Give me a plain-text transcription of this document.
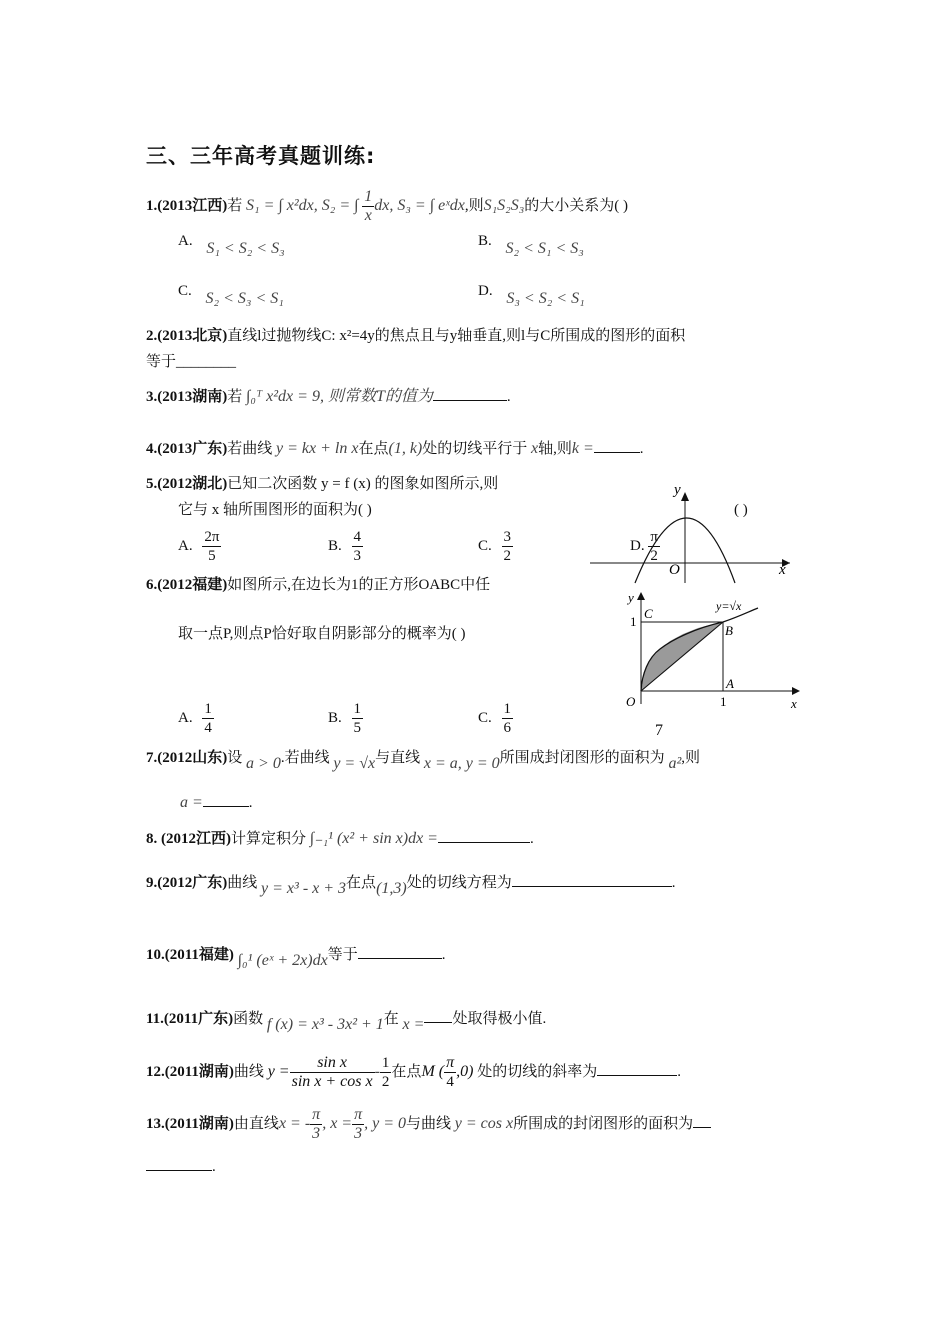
三、三年高考真题训练:
1.(2013江西)若 S₁ = ∫ x²dx, S₂ = ∫ $\frac{1}{x}$ dx, S₃ = ∫ eˣdx,则S₁S₂S₃的大小关系为( )
A. S₁ < S₂ < S₃	B. S₂ < S₁ < S₃
C. S₂ < S₃ < S₁	D. S₃ < S₂ < S₁
2.(2013北京)直线l过抛物线C: x²=4y的焦点且与y轴垂直,则l与C所围成的图形的面积
等于________
3.(2013湖南)若 ∫₀ᵀ x²dx = 9, 则常数T的值为	.
4.(2013广东)若曲线 y = kx + ln x在点(1, k)处的切线平行于 x轴,则k =	.
5.(2012湖北)已知二次函数 y = f (x) 的图象如图所示,则
它与 x 轴所围图形的面积为( )	( )
A. $\frac{2\pi}{5}$	B. $\frac{4}{3}$	C. $\frac{3}{2}$
y
x
O
D. $\frac{\pi}{2}$
6.(2012福建)如图所示,在边长为1的正方形OABC中任
取一点P,则点P恰好取自阴影部分的概率为( )
y
x
O
C
B
A
1
1
y=√x
A. $\frac{1}{4}$	B. $\frac{1}{5}$	C. $\frac{1}{6}$	7
7.(2012山东)设 a > 0.若曲线 y = √x与直线 x = a, y = 0所围成封闭图形的面积为 a²,则
a =	.
8. (2012江西)计算定积分 ∫₋₁¹ (x² + sin x)dx =	.
9.(2012广东)曲线 y = x³ - x + 3在点(1,3)处的切线方程为	.
10.(2011福建) ∫₀¹ (eˣ + 2x)dx等于	.
11.(2011广东)函数 f (x) = x³ - 3x² + 1在 x = 处取得极小值.
12.(2011湖南)曲线 $y = \frac{\text{sin x}}{\text{sin x + cos x}} - \frac{1}{2}$ 在点M ( $\frac{\pi}{4} ,0$) 处的切线的斜率为	.
13.(2011湖南)由直线x = - $\frac{\pi}{3}$ , $x = \frac{\pi}{3}$ , y = 0与曲线 y = cos x所围成的封闭图形的面积为
.
